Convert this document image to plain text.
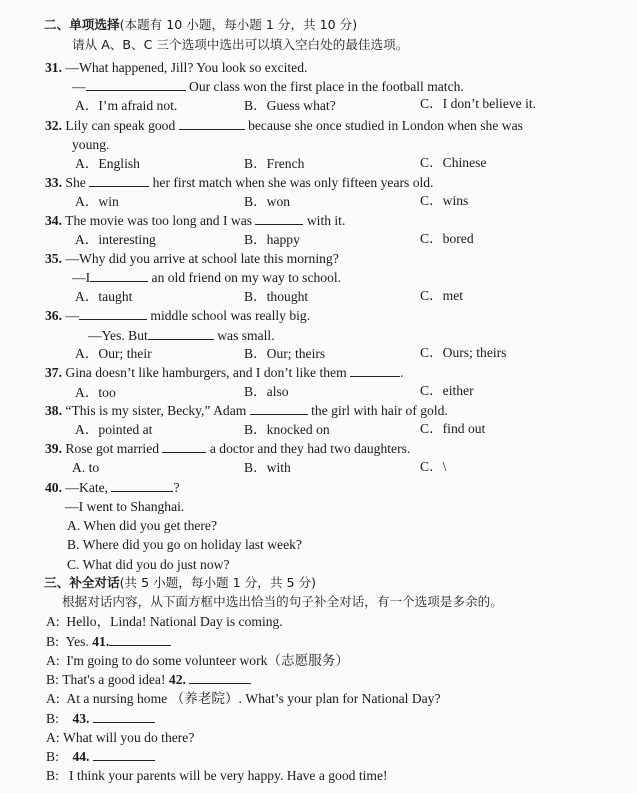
二、单项选择(本题有 10 小题，每小题 1 分，共 10 分)
请从 A、B、C 三个选项中选出可以填入空白处的最佳选项。
31. —What happened, Jill? You look so excited.
—	Our class won the first place in the football match.
A．I’m afraid not.	B．Guess what?	C．I don’t believe it.
32. Lily can speak good	because she once studied in London when she was
young.
A．English	B．French	C．Chinese
33. She	her first match when she was only fifteen years old.
A．win	B．won	C．wins
34. The movie was too long and I was	with it.
A．interesting	B．happy	C．bored
35. —Why did you arrive at school late this morning?
—I	an old friend on my way to school.
A．taught	B．thought	C．met
36. —	middle school was really big.
—Yes. But	was small.
A．Our; their	B．Our; theirs	C．Ours; theirs
37. Gina doesn’t like hamburgers, and I don’t like them	.
A．too	B．also	C．either
38. “This is my sister, Becky,” Adam	the girl with hair of gold.
A．pointed at	B．knocked on	C．find out
39. Rose got married	a doctor and they had two daughters.
A. to	B．with	C．\
40. —Kate,	?
—I went to Shanghai.
A. When did you get there?
B. Where did you go on holiday last week?
C. What did you do just now?
三、补全对话(共 5 小题，每小题 1 分，共 5 分)
根据对话内容，从下面方框中选出恰当的句子补全对话，有一个选项是多余的。
A: Hello，Linda! National Day is coming.
B: Yes. 41.
A: I'm going to do some volunteer work（志愿服务）
B: That's a good idea! 42.
A: At a nursing home （养老院）. What’s your plan for National Day?
B: 43.
A: What will you do there?
B: 44.
B: I think your parents will be very happy. Have a good time!
